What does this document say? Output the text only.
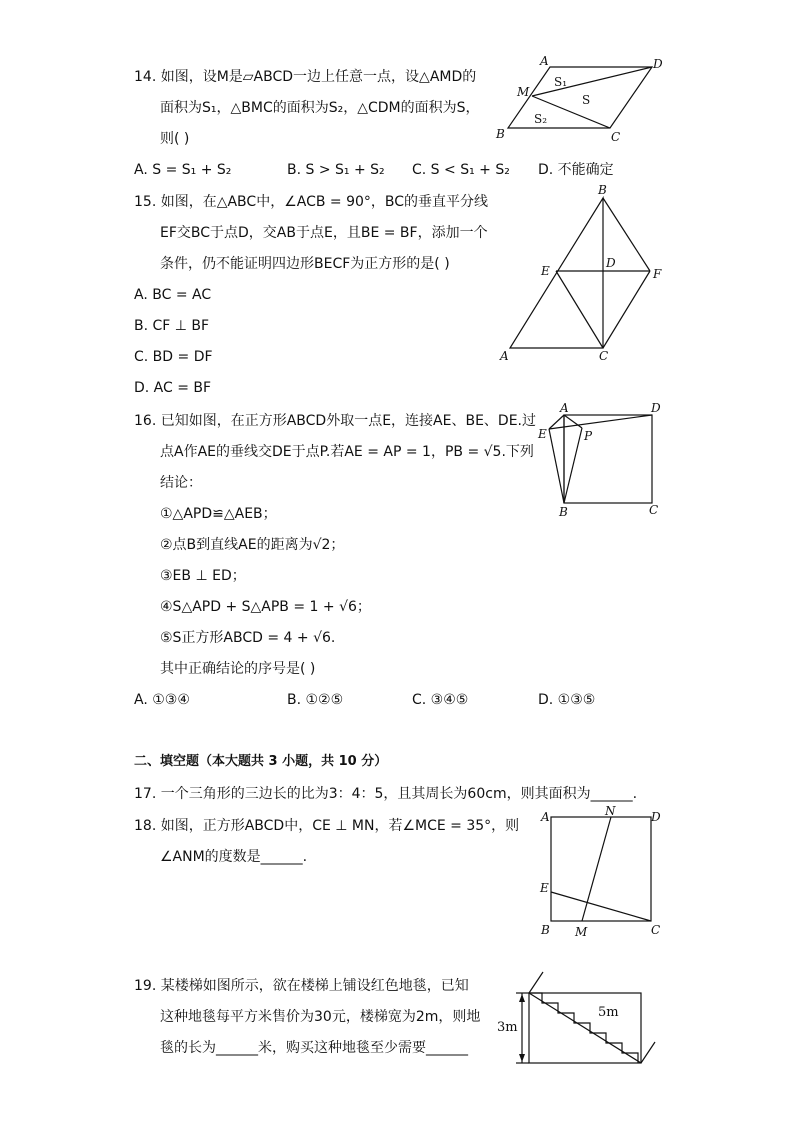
14. 如图，设M是▱ABCD一边上任意一点，设△AMD的
面积为S₁，△BMC的面积为S₂，△CDM的面积为S，
则( )
A. S = S₁ + S₂	B. S > S₁ + S₂ C. S < S₁ + S₂ D. 不能确定
A	D
M
B	C
S₁
S
S₂
15. 如图，在△ABC中，∠ACB = 90°，BC的垂直平分线
EF交BC于点D，交AB于点E，且BE = BF，添加一个
条件，仍不能证明四边形BECF为正方形的是( )
A. BC = AC
B. CF ⊥ BF
C. BD = DF
D. AC = BF
B
E
D
F
A	C
16. 已知如图，在正方形ABCD外取一点E，连接AE、BE、DE.过
点A作AE的垂线交DE于点P.若AE = AP = 1，PB = √5.下列
结论：
①△APD≌△AEB；
②点B到直线AE的距离为√2；
③EB ⊥ ED；
④S△APD + S△APB = 1 + √6；
⑤S正方形ABCD = 4 + √6.
其中正确结论的序号是( )
A. ①③④	B. ①②⑤	C. ③④⑤	D. ①③⑤
A	D
E	P
B	C
二、填空题（本大题共 3 小题，共 10 分）
17. 一个三角形的三边长的比为3：4：5，且其周长为60cm，则其面积为______.
18. 如图，正方形ABCD中，CE ⊥ MN，若∠MCE = 35°，则
∠ANM的度数是______.
A	N	D
E
B M	C
19. 某楼梯如图所示，欲在楼梯上铺设红色地毯，已知
这种地毯每平方米售价为30元，楼梯宽为2m，则地
毯的长为______米，购买这种地毯至少需要______
3m
5m
